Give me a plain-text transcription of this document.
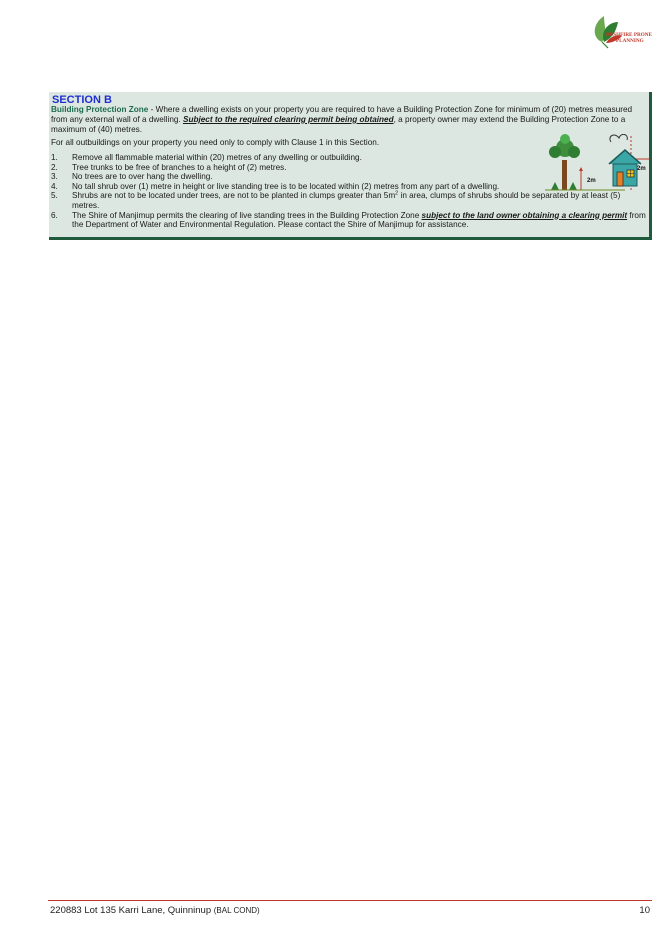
BUSHFIRE PRONE
PLANNING
SECTION B
Building Protection Zone - Where a dwelling exists on your property you are required to have a Building Protection Zone for minimum of (20) metres measured from any external wall of a dwelling. Subject to the required clearing permit being obtained, a property owner may extend the Building Protection Zone to a maximum of (40) metres.
For all outbuildings on your property you need only to comply with Clause 1 in this Section.
1.	Remove all flammable material within (20) metres of any dwelling or outbuilding.
2.	Tree trunks to be free of branches to a height of (2) metres.
3.	No trees are to over hang the dwelling.
4.	No tall shrub over (1) metre in height or live standing tree is to be located within (2) metres from any part of a dwelling.
5.	Shrubs are not to be located under trees, are not to be planted in clumps greater than $5m^2$ in area, clumps of shrubs should be separated by at least (5) metres.
6.	The Shire of Manjimup permits the clearing of live standing trees in the Building Protection Zone subject to the land owner obtaining a clearing permit from the Department of Water and Environmental Regulation. Please contact the Shire of Manjimup for assistance.
2m
2m
220883 Lot 135 Karri Lane, Quinninup (BAL COND)	10
